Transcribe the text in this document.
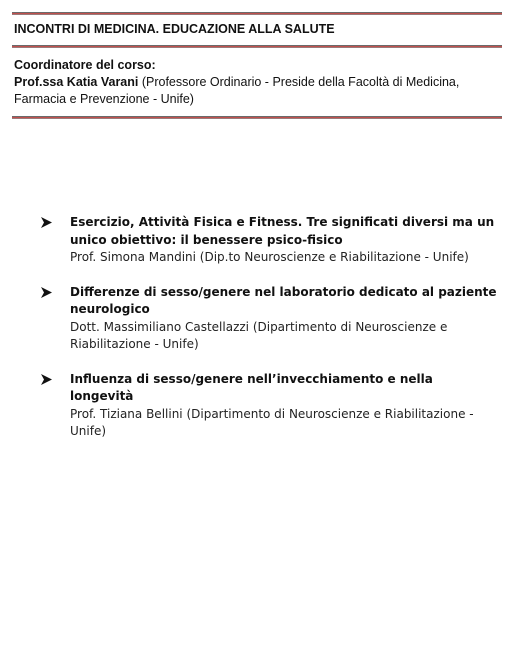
INCONTRI DI MEDICINA. EDUCAZIONE ALLA SALUTE
Coordinatore del corso:
Prof.ssa Katia Varani (Professore Ordinario - Preside della Facoltà di Medicina, Farmacia e Prevenzione - Unife)
Esercizio, Attività Fisica e Fitness. Tre significati diversi ma un unico obiettivo: il benessere psico-fisico
Prof. Simona Mandini (Dip.to Neuroscienze e Riabilitazione - Unife)
Differenze di sesso/genere nel laboratorio dedicato al paziente neurologico
Dott. Massimiliano Castellazzi (Dipartimento di Neuroscienze e Riabilitazione - Unife)
Influenza di sesso/genere nell’invecchiamento e nella longevità
Prof. Tiziana Bellini (Dipartimento di Neuroscienze e Riabilitazione - Unife)
